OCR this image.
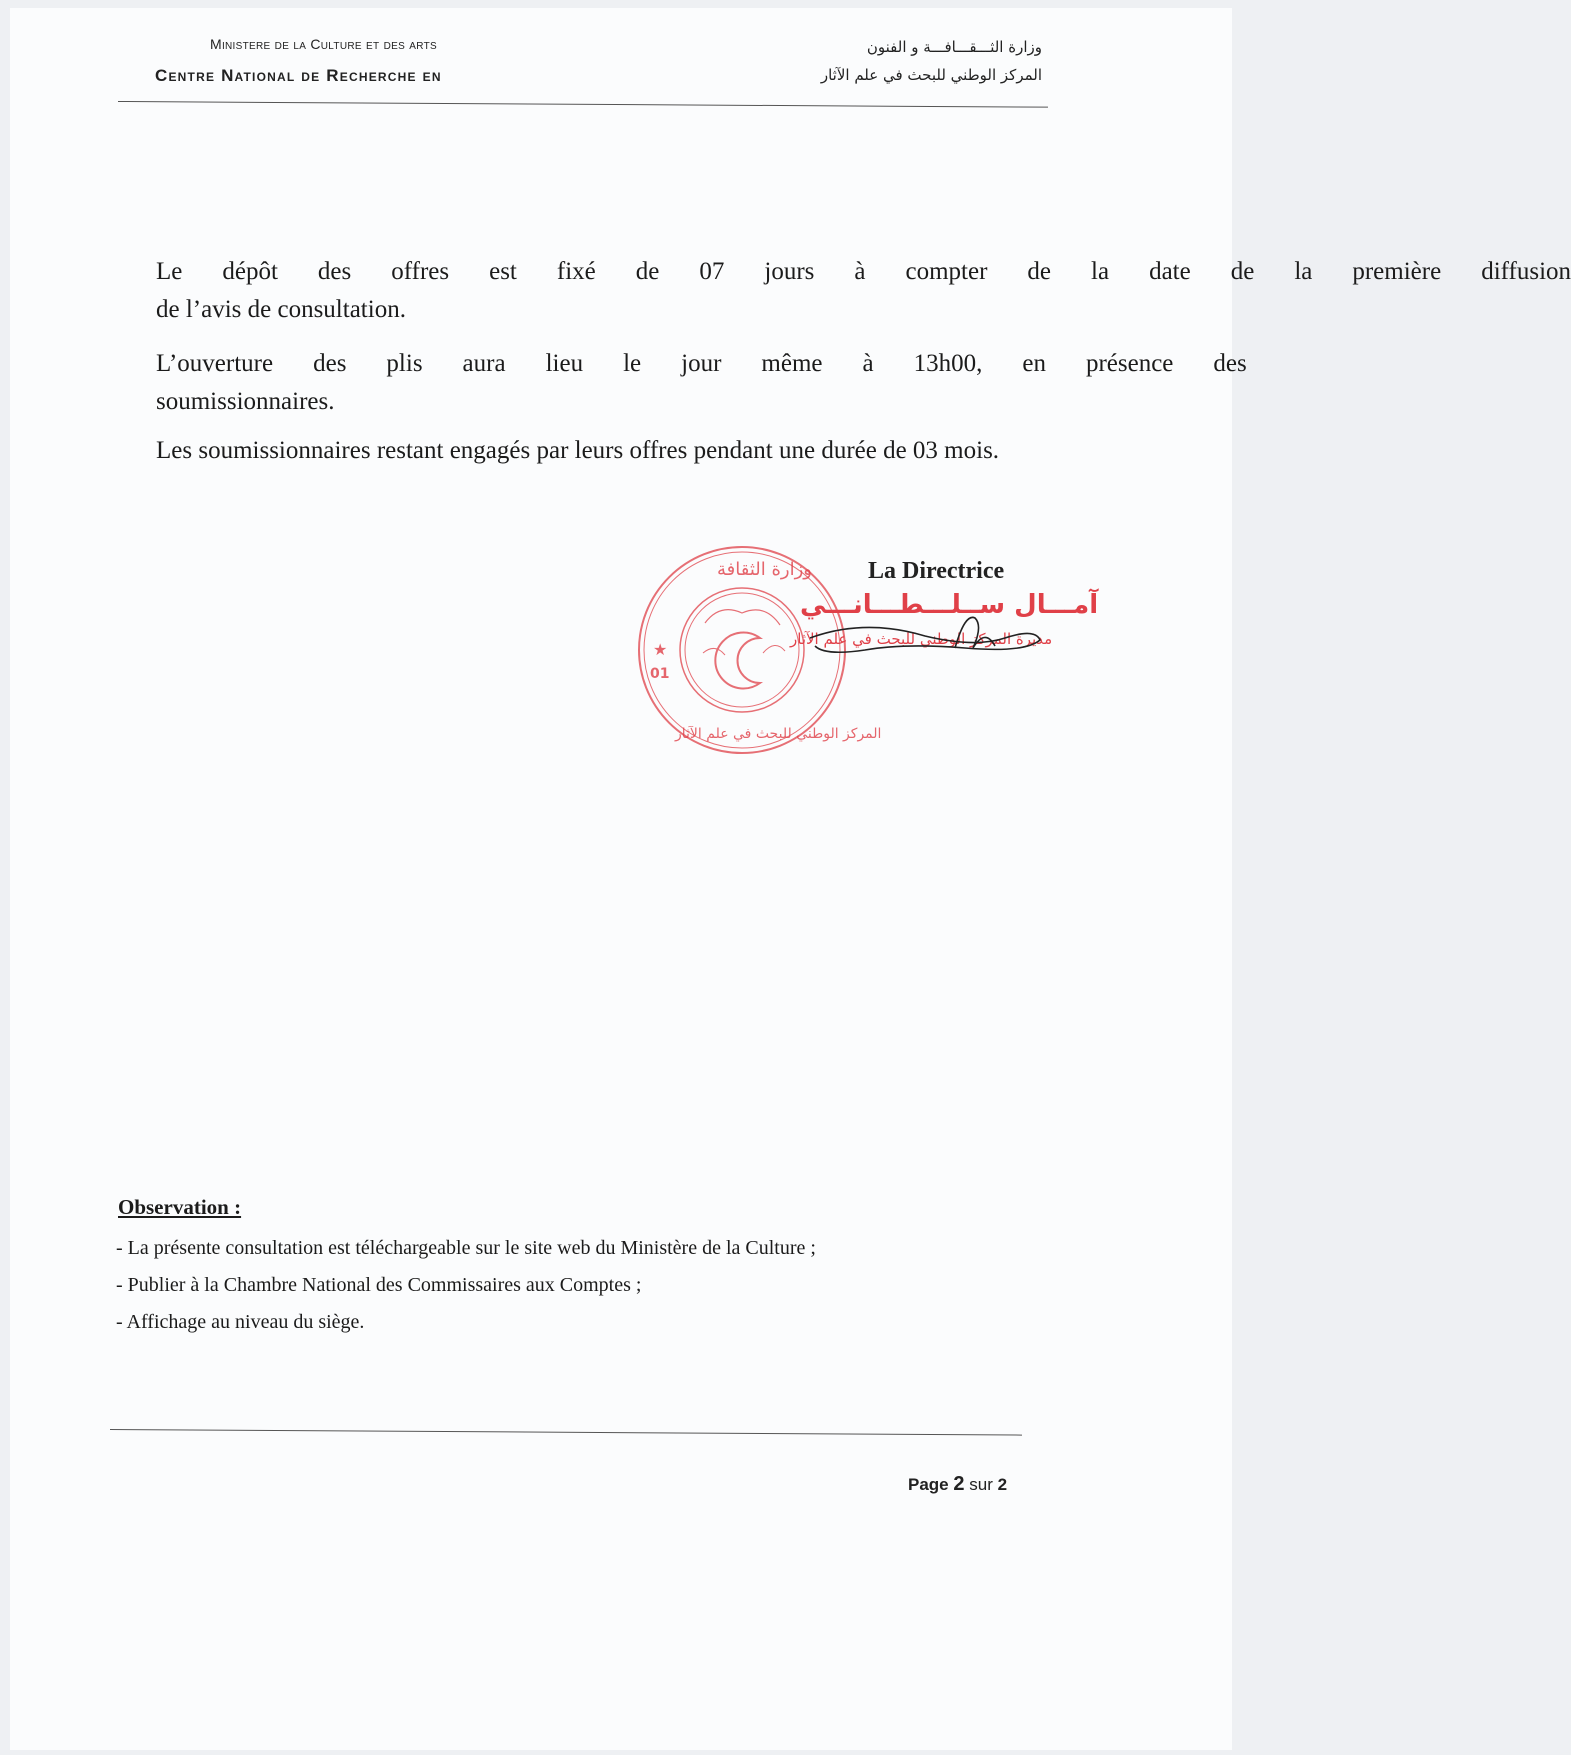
Ministere de la Culture et des arts
Centre National de Recherche en
وزارة الثـــقـــافـــة و الفنون
المركز الوطني للبحث في علم الآثار
Le	dépôt	des	offres	est	fixé	de	07	jours	à	compter	de	la	date	de	la	première	diffusion
de l’avis de consultation.
L’ouverture	des	plis	aura	lieu	le	jour	même	à	13h00,	en	présence	des
soumissionnaires.
Les soumissionnaires restant engagés par leurs offres pendant une durée de 03 mois.
★
01
وزارة الثقافة
المركز الوطني للبحث في علم الآثار
La Directrice
آمـــال ســلـــطـــانـــي
مديرة المركز الوطني للبحث في علم الآثار
Observation :
- La présente consultation est téléchargeable sur le site web du Ministère de la Culture ;
- Publier à la Chambre National des Commissaires aux Comptes ;
- Affichage au niveau du siège.
Page 2 sur 2
